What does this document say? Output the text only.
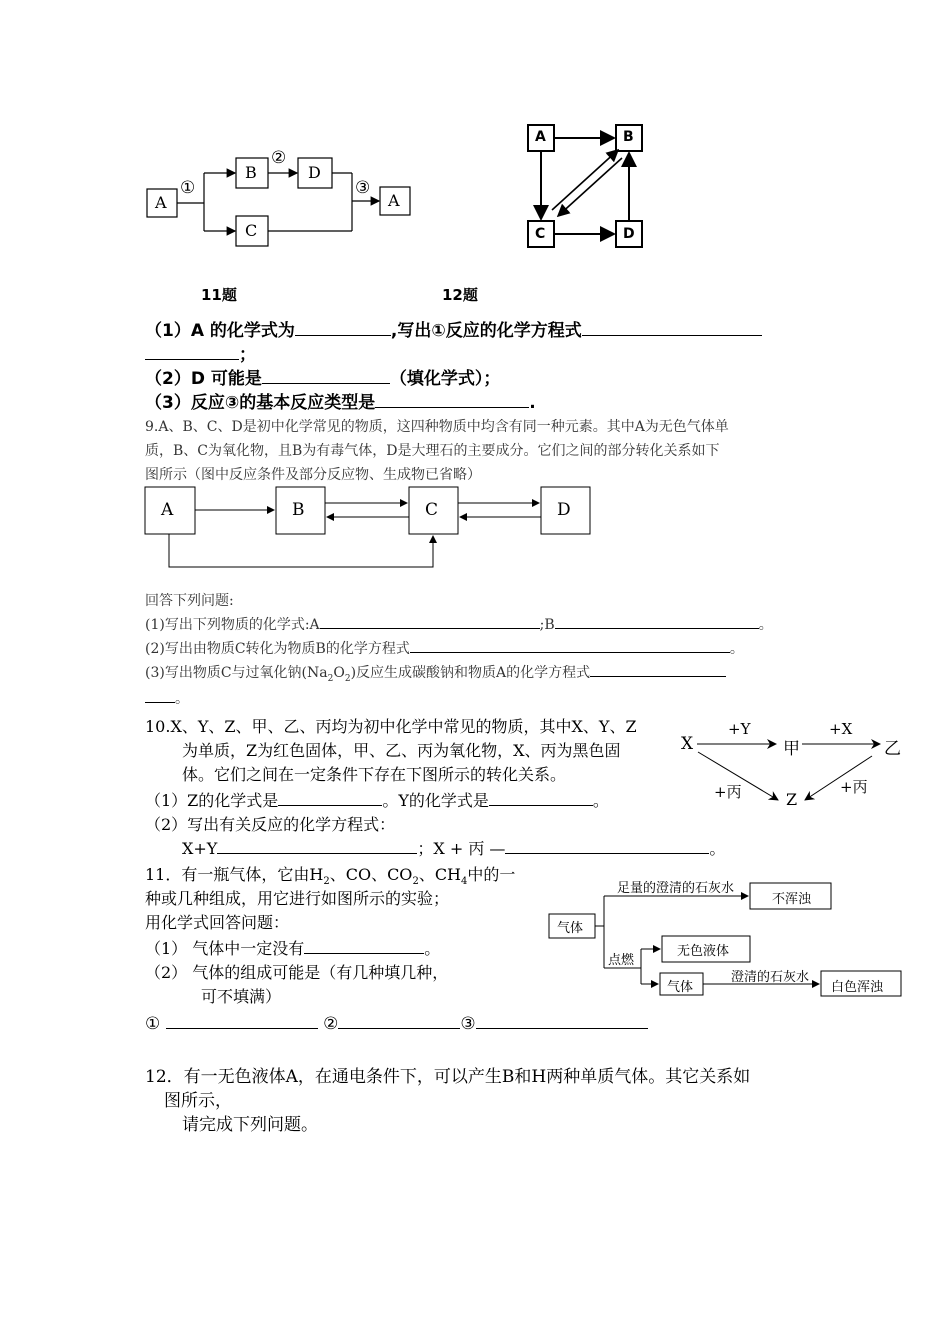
A
B	D
C
A
①
②
③
11题
A	B
C	D
12题
（1）A 的化学式为	,写出①反应的化学方程式
；
（2）D 可能是	（填化学式）；
（3）反应③的基本反应类型是	.
9.A、B、C、D是初中化学常见的物质，这四种物质中均含有同一种元素。其中A为无色气体单
质，B、C为氧化物，且B为有毒气体，D是大理石的主要成分。它们之间的部分转化关系如下
图所示（图中反应条件及部分反应物、生成物已省略）
A	B	C	D
回答下列问题:
(1)写出下列物质的化学式:A	;B	。
(2)写出由物质C转化为物质B的化学方程式	。
(3)写出物质C与过氧化钠$(Na_2O_2)$反应生成碳酸钠和物质A的化学方程式
。
10.X、Y、Z、甲、乙、丙均为初中化学中常见的物质，其中X、Y、Z
为单质，Z为红色固体，甲、乙、丙为氧化物，X、丙为黑色固
体。它们之间在一定条件下存在下图所示的转化关系。
（1）Z的化学式是	。Y的化学式是	。
（2）写出有关反应的化学方程式：
X+Y	；X + 丙 —	。
X	甲	乙
Z
+Y	+X
+丙	+丙
11．有一瓶气体，它由$H_2$、CO、$CO_2$、$CH_4$中的一
种或几种组成，用它进行如图所示的实验；
用化学式回答问题：
（1） 气体中一定没有	。
（2） 气体的组成可能是（有几种填几种，
可不填满）
①	②	③
气体
足量的澄清的石灰水
不浑浊
点燃
无色液体
气体
澄清的石灰水
白色浑浊
12．有一无色液体A，在通电条件下，可以产生B和H两种单质气体。其它关系如
图所示，
请完成下列问题。
